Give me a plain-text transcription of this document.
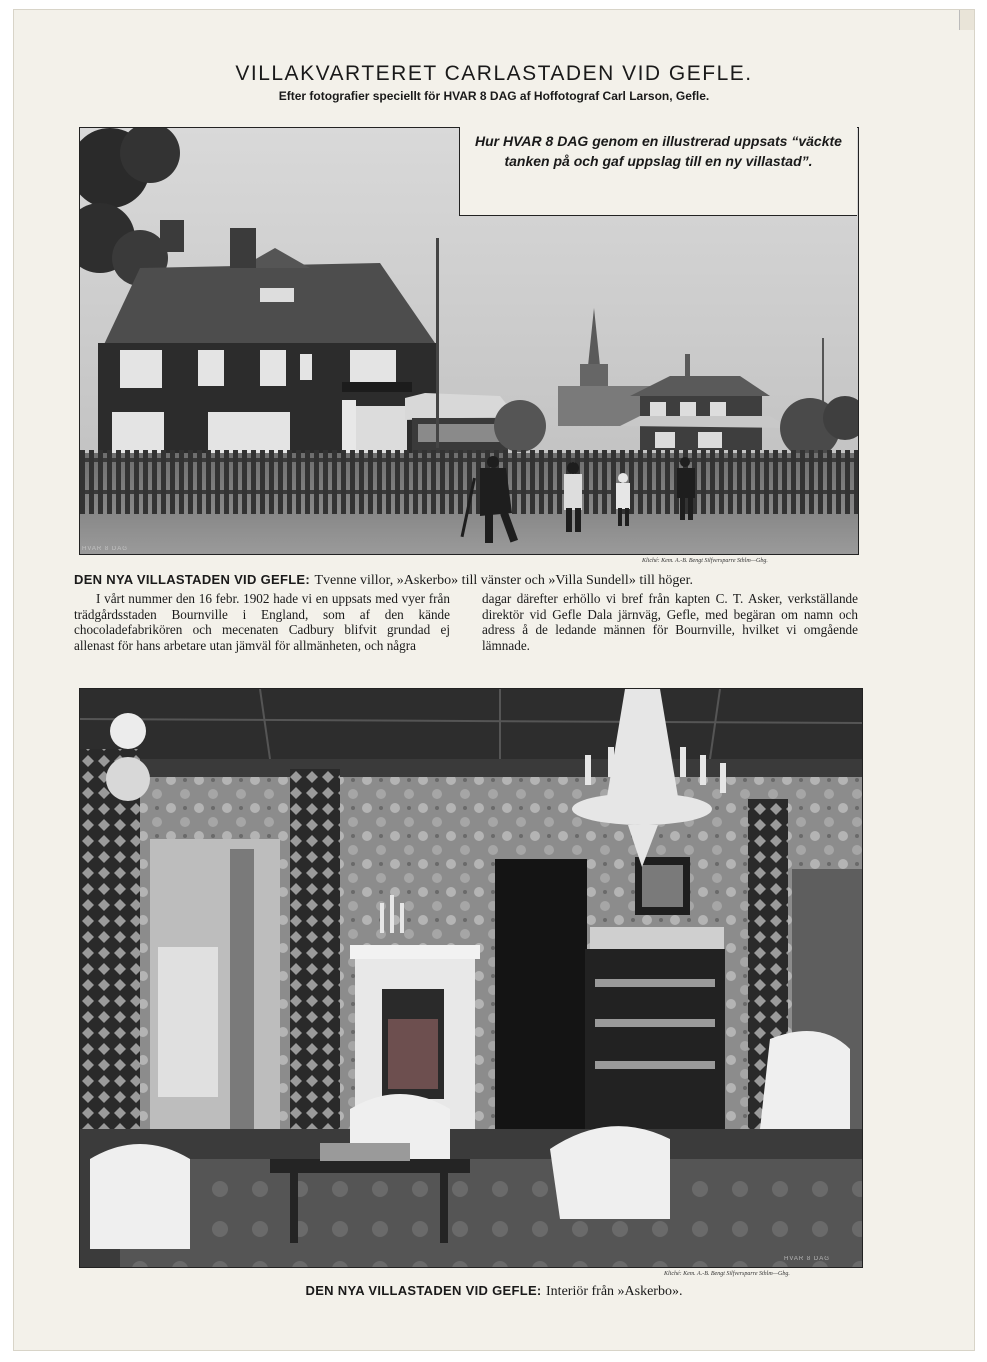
VILLAKVARTERET CARLASTADEN VID GEFLE.
Efter fotografier speciellt för HVAR 8 DAG af Hoffotograf Carl Larson, Gefle.
HVAR 8 DAG
Hur HVAR 8 DAG genom en illustrerad uppsats “väckte tanken på och gaf uppslag till en ny villastad”.
Kliché: Kem. A.-B. Bengt Silfversparre Sthlm—Gbg.
DEN NYA VILLASTADEN VID GEFLE: Tvenne villor, »Askerbo» till vänster och »Villa Sundell» till höger.

I vårt nummer den 16 febr. 1902 hade vi en uppsats med vyer från trädgårdsstaden Bournville i England, som af den kände chocoladefabrikören och mecenaten Cadbury blifvit grundad ej allenast för hans arbetare utan jämväl för allmänheten, och några

dagar därefter erhöllo vi bref från kapten C. T. Asker, verkställande direktör vid Gefle Dala järnväg, Gefle, med begäran om namn och adress å de ledande männen för Bournville, hvilket vi omgående lämnade.

HVAR 8 DAG
Kliché: Kem. A.-B. Bengt Silfversparre Sthlm—Gbg.
DEN NYA VILLASTADEN VID GEFLE: Interiör från »Askerbo».
